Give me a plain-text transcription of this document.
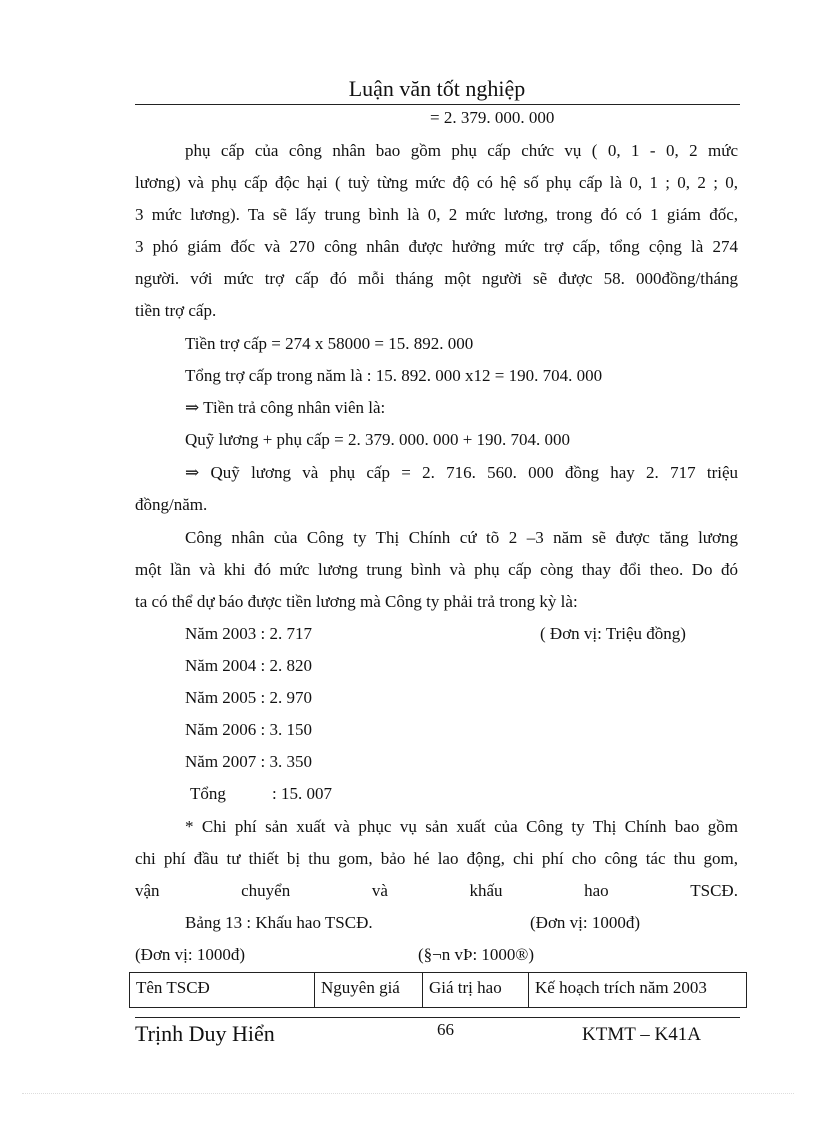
Luận văn tốt nghiệp
= 2. 379. 000. 000
phụ cấp của công nhân bao gồm phụ cấp chức vụ ( 0, 1 - 0, 2 mức
lương) và phụ cấp độc hại ( tuỳ từng mức độ có hệ số phụ cấp là 0, 1 ; 0, 2 ; 0,
3 mức lương). Ta sẽ lấy trung bình là 0, 2 mức lương, trong đó có 1 giám đốc,
3 phó giám đốc và 270 công nhân được hưởng mức trợ cấp, tổng cộng là 274
người. với mức trợ cấp đó mỗi tháng một người sẽ được 58. 000đồng/tháng
tiền trợ cấp.
Tiền trợ cấp = 274 x 58000 = 15. 892. 000
Tổng trợ cấp trong năm là : 15. 892. 000 x12 = 190. 704. 000
⇒ Tiền trả công nhân viên là:
Quỹ lương + phụ cấp = 2. 379. 000. 000 + 190. 704. 000
⇒ Quỹ lương và phụ cấp = 2. 716. 560. 000 đồng hay 2. 717 triệu
đồng/năm.
Công nhân của Công ty Thị Chính cứ tõ 2 –3 năm sẽ được tăng lương
một lần và khi đó mức lương trung bình và phụ cấp còng thay đổi theo. Do đó
ta có thể dự báo được tiền lương mà Công ty phải trả trong kỳ là:
Năm 2003 : 2. 717	( Đơn vị: Triệu đồng)
Năm 2004 : 2. 820
Năm 2005 : 2. 970
Năm 2006 : 3. 150
Năm 2007 : 3. 350
Tổng	: 15. 007
* Chi phí sản xuất và phục vụ sản xuất của Công ty Thị Chính bao gồm
chi phí đầu tư thiết bị thu gom, bảo hé lao động, chi phí cho công tác thu gom,
vận	chuyển	và	khấu	hao	TSCĐ.
Bảng 13 : Khấu hao TSCĐ.	(Đơn vị: 1000đ)
(Đơn vị: 1000đ)	(§¬n vÞ: 1000®)
Tên TSCĐ	Nguyên giá	Giá trị hao	Kế hoạch trích năm 2003
Trịnh Duy Hiển	66	KTMT – K41A
